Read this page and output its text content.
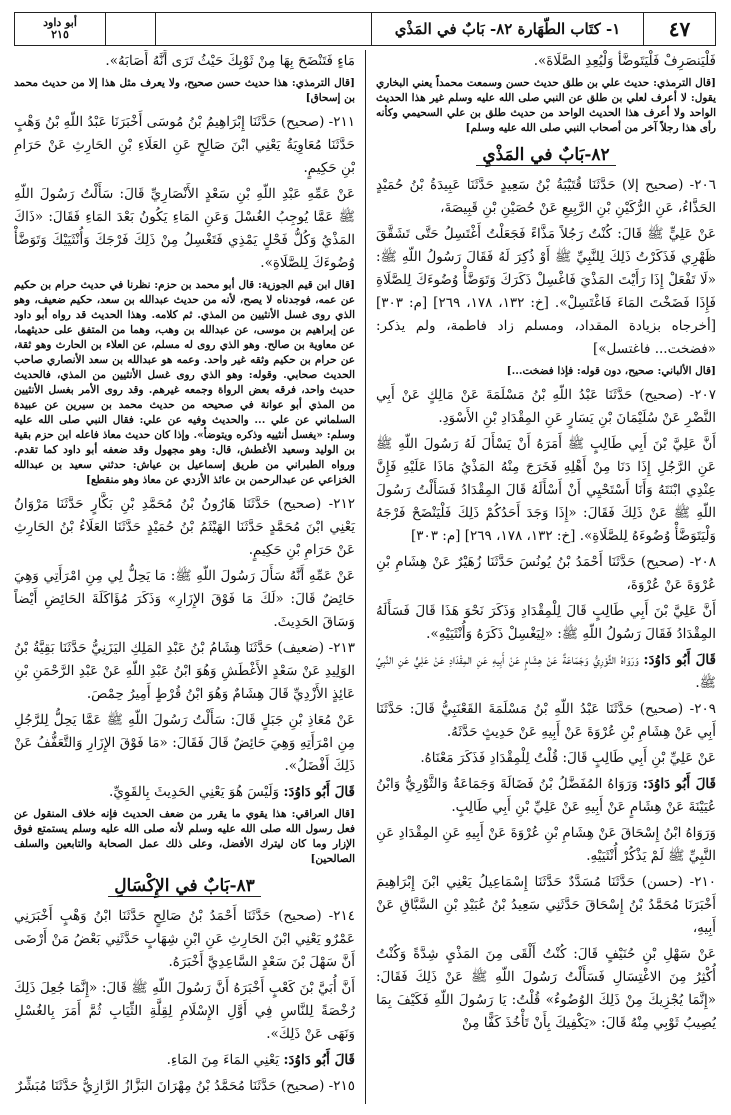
٤٧
١- كتَاب الطّهَارة ٨٢- بَابٌ في المَذْي
أبو داود
٢١٥

فَلْيَنصَرِفْ فَلْيَتَوضَّأْ وَلْيُعِدِ الصَّلَاةَ».

[قال الترمذي: حديث علي بن طلق حديث حسن وسمعت محمداً يعني البخاري يقول: لا أعرف لعلي بن طلق عن النبي صلى الله عليه وسلم غير هذا الحديث الواحد ولا أعرف هذا الحديث الواحد من حديث طلق بن علي السحيمي وكأنه رأى هذا رجلاً آخر من أصحاب النبي صلى الله عليه وسلم]

٨٢-بَابٌ في المَذْيِ

٢٠٦- (صحيح إلا) حَدَّثَنَا قُتَيْبَةُ بْنُ سَعِيدٍ حَدَّثَنَا عَبِيدَةُ بْنُ حُمَيْدٍ الحَذَّاءُ، عَنِ الرُّكَيْنِ بْنِ الرَّبِيعِ عَنْ حُصَيْنِ بْنِ قَبِيصَةَ،

عَنْ عَلِيٍّ ﷺ قَالَ: كُنْتُ رَجُلاً مَذَّاءً فَجَعَلْتُ أَغْتَسِلُ حَتَّى تَشَقَّقَ ظَهْرِي فَذَكَرْتُ ذَلِكَ لِلنَّبِيِّ ﷺ أَوْ ذُكِرَ لَهُ فَقَالَ رَسُولُ اللّهِ ﷺ: «لَا تَفْعَلْ إِذَا رَأَيْتَ المَذْيَ فَاغْسِلْ ذَكَرَكَ وَتَوَضَّأْ وُضُوءَكَ لِلصَّلَاةِ فَإِذَا فَضَخْتَ المَاءَ فَاغْتَسِلْ». [خ: ١٣٢، ١٧٨، ٢٦٩] [م: ٣٠٣] [أخرجاه بزيادة المقداد، ومسلم زاد فاطمة، ولم يذكر: «فضخت... فاغتسل»]

[قال الألباني: صحيح، دون قوله: فإذا فضخت...]

٢٠٧- (صحيح) حَدَّثَنَا عَبْدُ اللّهِ بْنُ مَسْلَمَةَ عَنْ مَالِكٍ عَنْ أَبِي النَّضْرِ عَنْ سُلَيْمَانَ بْنِ يَسَارٍ عَنِ المِقْدَادِ بْنِ الأَسْوَدِ.

أَنَّ عَلِيَّ بْنَ أَبِي طَالِبٍ ﷺ أَمَرَهُ أَنْ يَسْأَلَ لَهُ رَسُولَ اللّهِ ﷺ عَنِ الرَّجُلِ إِذَا دَنَا مِنْ أَهْلِهِ فَخَرَجَ مِنْهُ المَذْيُ مَاذَا عَلَيْهِ فَإِنَّ عِنْدِي ابْنَتَهُ وَأَنَا أَسْتَحْيِي أَنْ أَسْأَلَهُ قَالَ المِقْدَادُ فَسَأَلْتُ رَسُولَ اللّهِ ﷺ عَنْ ذَلِكَ فَقَالَ: «إِذَا وَجَدَ أَحَدُكُمْ ذَلِكَ فَلْيَنْضَحْ فَرْجَهُ وَلْيَتَوَضَّأْ وُضُوءَهُ لِلصَّلَاةِ». [خ: ١٣٢، ١٧٨، ٢٦٩] [م: ٣٠٣]

٢٠٨- (صحيح) حَدَّثَنَا أَحْمَدُ بْنُ يُونُسَ حَدَّثَنَا زُهَيْرٌ عَنْ هِشَامِ بْنِ عُرْوَةَ عَنْ عُرْوَةَ،

أَنَّ عَلِيَّ بْنَ أَبِي طَالِبٍ قَالَ لِلْمِقْدَادِ وَذَكَرَ نَحْوَ هَذَا قَالَ فَسَأَلَهُ المِقْدَادُ فَقَالَ رَسُولُ اللّهِ ﷺ: «لِيَغْسِلْ ذَكَرَهُ وَأُنْثَيَيْهِ».

قَالَ أَبُو دَاوُدَ: وَرَوَاهُ الثَّوْرِيُّ وَجَمَاعَةٌ عَنْ هِشَامٍ عَنْ أَبِيهِ عَنِ المِقْدَادِ عَنْ عَلِيٍّ عَنِ النَّبِيِّ ﷺ.

٢٠٩- (صحيح) حَدَّثَنَا عَبْدُ اللّهِ بْنُ مَسْلَمَةَ القَعْنَبِيُّ قَالَ: حَدَّثَنَا أَبِي عَنْ هِشَامِ بْنِ عُرْوَةَ عَنْ أَبِيهِ عَنْ حَدِيثٍ حَدَّثَهُ.

عَنْ عَلِيِّ بْنِ أَبِي طَالِبٍ قَالَ: قُلْتُ لِلْمِقْدَادِ فَذَكَرَ مَعْنَاهُ.

قَالَ أَبُو دَاوُدَ: وَرَوَاهُ المُفَضَّلُ بْنُ فَضَالَةَ وَجَمَاعَةٌ وَالثَّوْرِيُّ وَابْنُ عُيَيْنَةَ عَنْ هِشَامٍ عَنْ أَبِيهِ عَنْ عَلِيِّ بْنِ أَبِي طَالِبٍ.

وَرَوَاهُ ابْنُ إِسْحَاقَ عَنْ هِشَامِ بْنِ عُرْوَةَ عَنْ أَبِيهِ عَنِ المِقْدَادِ عَنِ النَّبِيِّ ﷺ لَمْ يَذْكُرْ أُنْثَيَيْهِ.

٢١٠- (حسن) حَدَّثَنَا مُسَدَّدٌ حَدَّثَنَا إِسْمَاعِيلُ يَعْنِي ابْنَ إِبْرَاهِيمَ أَخْبَرَنَا مُحَمَّدُ بْنُ إِسْحَاقَ حَدَّثَنِي سَعِيدُ بْنُ عُبَيْدِ بْنِ السَّبَّاقِ عَنْ أَبِيهِ،

عَنْ سَهْلِ بْنِ حُنَيْفٍ قَالَ: كُنْتُ أَلْقَى مِنَ المَذْيِ شِدَّةً وَكُنْتُ أُكْثِرُ مِنَ الاغْتِسَالِ فَسَأَلْتُ رَسُولَ اللّهِ ﷺ عَنْ ذَلِكَ فَقَالَ: «إِنَّمَا يُجْزِيكَ مِنْ ذَلِكَ الوُضُوءُ» قُلْتُ: يَا رَسُولَ اللّهِ فَكَيْفَ بِمَا يُصِيبُ ثَوْبِي مِنْهُ قَالَ: «يَكْفِيكَ بِأَنْ تَأْخُذَ كَفًّا مِنْ

مَاءٍ فَتَنْضَحَ بِهَا مِنْ ثَوْبِكَ حَيْثُ تَرَى أَنَّهُ أَصَابَهُ».

[قال الترمذي: هذا حديث حسن صحيح، ولا يعرف مثل هذا إلا من حديث محمد بن إسحاق]

٢١١- (صحيح) حَدَّثَنَا إِبْرَاهِيمُ بْنُ مُوسَى أَخْبَرَنَا عَبْدُ اللّهِ بْنُ وَهْبٍ حَدَّثَنَا مُعَاوِيَةُ يَعْنِي ابْنَ صَالِحٍ عَنِ العَلَاءِ بْنِ الحَارِثِ عَنْ حَرَامِ بْنِ حَكِيمٍ.

عَنْ عَمِّهِ عَبْدِ اللّهِ بْنِ سَعْدٍ الأَنْصَارِيِّ قَالَ: سَأَلْتُ رَسُولَ اللّهِ ﷺ عَمَّا يُوجِبُ الغُسْلَ وَعَنِ المَاءِ يَكُونُ بَعْدَ المَاءِ فَقَالَ: «ذَاكَ المَذْيُ وَكُلُّ فَحْلٍ يَمْذِي فَتَغْسِلُ مِنْ ذَلِكَ فَرْجَكَ وَأُنْثَيَيْكَ وَتَوَضَّأْ وُضُوءَكَ لِلصَّلَاةِ».

[قال ابن قيم الجوزية: قال أبو محمد بن حزم: نظرنا في حديث حرام بن حكيم عن عمه، فوجدناه لا يصح، لأنه من حديث عبدالله بن سعد، حكيم ضعيف، وهو الذي روى غسل الأنثيين من المذي. ثم كلامه. وهذا الحديث قد رواه أبو داود عن إبراهيم بن موسى، عن عبدالله بن وهب، وهما من المتفق على حديثهما، عن معاوية بن صالح. وهو الذي روى له مسلم، عن العلاء بن الحارث وهو ثقة، عن حرام بن حكيم وثقه غير واحد. وعمه هو عبدالله بن سعد الأنصاري صاحب الحديث صحابي. وقوله: وهو الذي روى غسل الأنثيين من المذي، فالحديث حديث واحد، فرقه بعض الرواة وجمعه غيرهم. وقد روى الأمر بغسل الأنثيين من المذي أبو عوانة في صحيحه من حديث محمد بن سيرين عن عبيدة السلماني عن علي ... والحديث وفيه عن علي: فقال النبي صلى الله عليه وسلم: «يغسل أنثييه وذكره ويتوضأ». وإذا كان حديث معاذ فاعله ابن حزم بقية بن الوليد وسعيد الأغطش، قال: وهو مجهول وقد ضعفه أبو داود كما تقدم. ورواه الطبراني من طريق إسماعيل بن عياش: حدثني سعيد بن عبدالله الخزاعي عن عبدالرحمن بن عائذ الأزدي عن معاذ وهو منقطع]

٢١٢- (صحيح) حَدَّثَنَا هَارُونُ بْنُ مُحَمَّدِ بْنِ بَكَّارٍ حَدَّثَنَا مَرْوَانُ يَعْنِي ابْنَ مُحَمَّدٍ حَدَّثَنَا الهَيْثَمُ بْنُ حُمَيْدٍ حَدَّثَنَا العَلَاءُ بْنُ الحَارِثِ عَنْ حَرَامِ بْنِ حَكِيمٍ.

عَنْ عَمِّهِ أَنَّهُ سَأَلَ رَسُولَ اللّهِ ﷺ: مَا يَحِلُّ لِي مِنِ امْرَأَتِي وَهِيَ حَائِضٌ قَالَ: «لَكَ مَا فَوْقَ الإِزَارِ» وَذَكَرَ مُؤَاكَلَةَ الحَائِضِ أَيْضاً وَسَاقَ الحَدِيثَ.

٢١٣- (ضعيف) حَدَّثَنَا هِشَامُ بْنُ عَبْدِ المَلِكِ اليَزَنِيُّ حَدَّثَنَا بَقِيَّةُ بْنُ الوَلِيدِ عَنْ سَعْدٍ الأَغْطَشِ وَهُوَ ابْنُ عَبْدِ اللّهِ عَنْ عَبْدِ الرَّحْمَنِ بْنِ عَائِذٍ الأَزْدِيِّ قَالَ هِشَامٌ وَهُوَ ابْنُ قُرْطٍ أَمِيرُ حِمْصَ.

عَنْ مُعَاذِ بْنِ جَبَلٍ قَالَ: سَأَلْتُ رَسُولَ اللّهِ ﷺ عَمَّا يَحِلُّ لِلرَّجُلِ مِنِ امْرَأَتِهِ وَهِيَ حَائِضٌ قَالَ فَقَالَ: «مَا فَوْقَ الإِزَارِ وَالتَّعَفُّفُ عَنْ ذَلِكَ أَفْضَلُ».

قَالَ أَبُو دَاوُدَ: وَلَيْسَ هُوَ يَعْنِي الحَدِيثَ بِالقَوِيِّ.

[قال العراقي: هذا يقوي ما يقرر من ضعف الحديث فإنه خلاف المنقول عن فعل رسول الله صلى الله عليه وسلم لأنه صلى الله عليه وسلم يستمتع فوق الإزار وما كان ليترك الأفضل، وعلى ذلك عمل الصحابة والتابعين والسلف الصالحين]

٨٣-بَابٌ في الإِكْسَالِ

٢١٤- (صحيح) حَدَّثَنَا أَحْمَدُ بْنُ صَالِحٍ حَدَّثَنَا ابْنُ وَهْبٍ أَخْبَرَنِي عَمْرٌو يَعْنِي ابْنَ الحَارِثِ عَنِ ابْنِ شِهَابٍ حَدَّثَنِي بَعْضُ مَنْ أَرْضَى أَنَّ سَهْلَ بْنَ سَعْدٍ السَّاعِدِيَّ أَخْبَرَهُ.

أَنَّ أُبَيَّ بْنَ كَعْبٍ أَخْبَرَهُ أَنَّ رَسُولَ اللّهِ ﷺ قَالَ: «إِنَّمَا جُعِلَ ذَلِكَ رُخْصَةً لِلنَّاسِ فِي أَوَّلِ الإِسْلَامِ لِقِلَّةِ الثِّيَابِ ثُمَّ أَمَرَ بِالغُسْلِ وَنَهَى عَنْ ذَلِكَ».

قَالَ أَبُو دَاوُدَ: يَعْنِي المَاءَ مِنَ المَاءِ.

٢١٥- (صحيح) حَدَّثَنَا مُحَمَّدُ بْنُ مِهْرَانَ البَزَّازُ الرَّازِيُّ حَدَّثَنَا مُبَشِّرٌ
